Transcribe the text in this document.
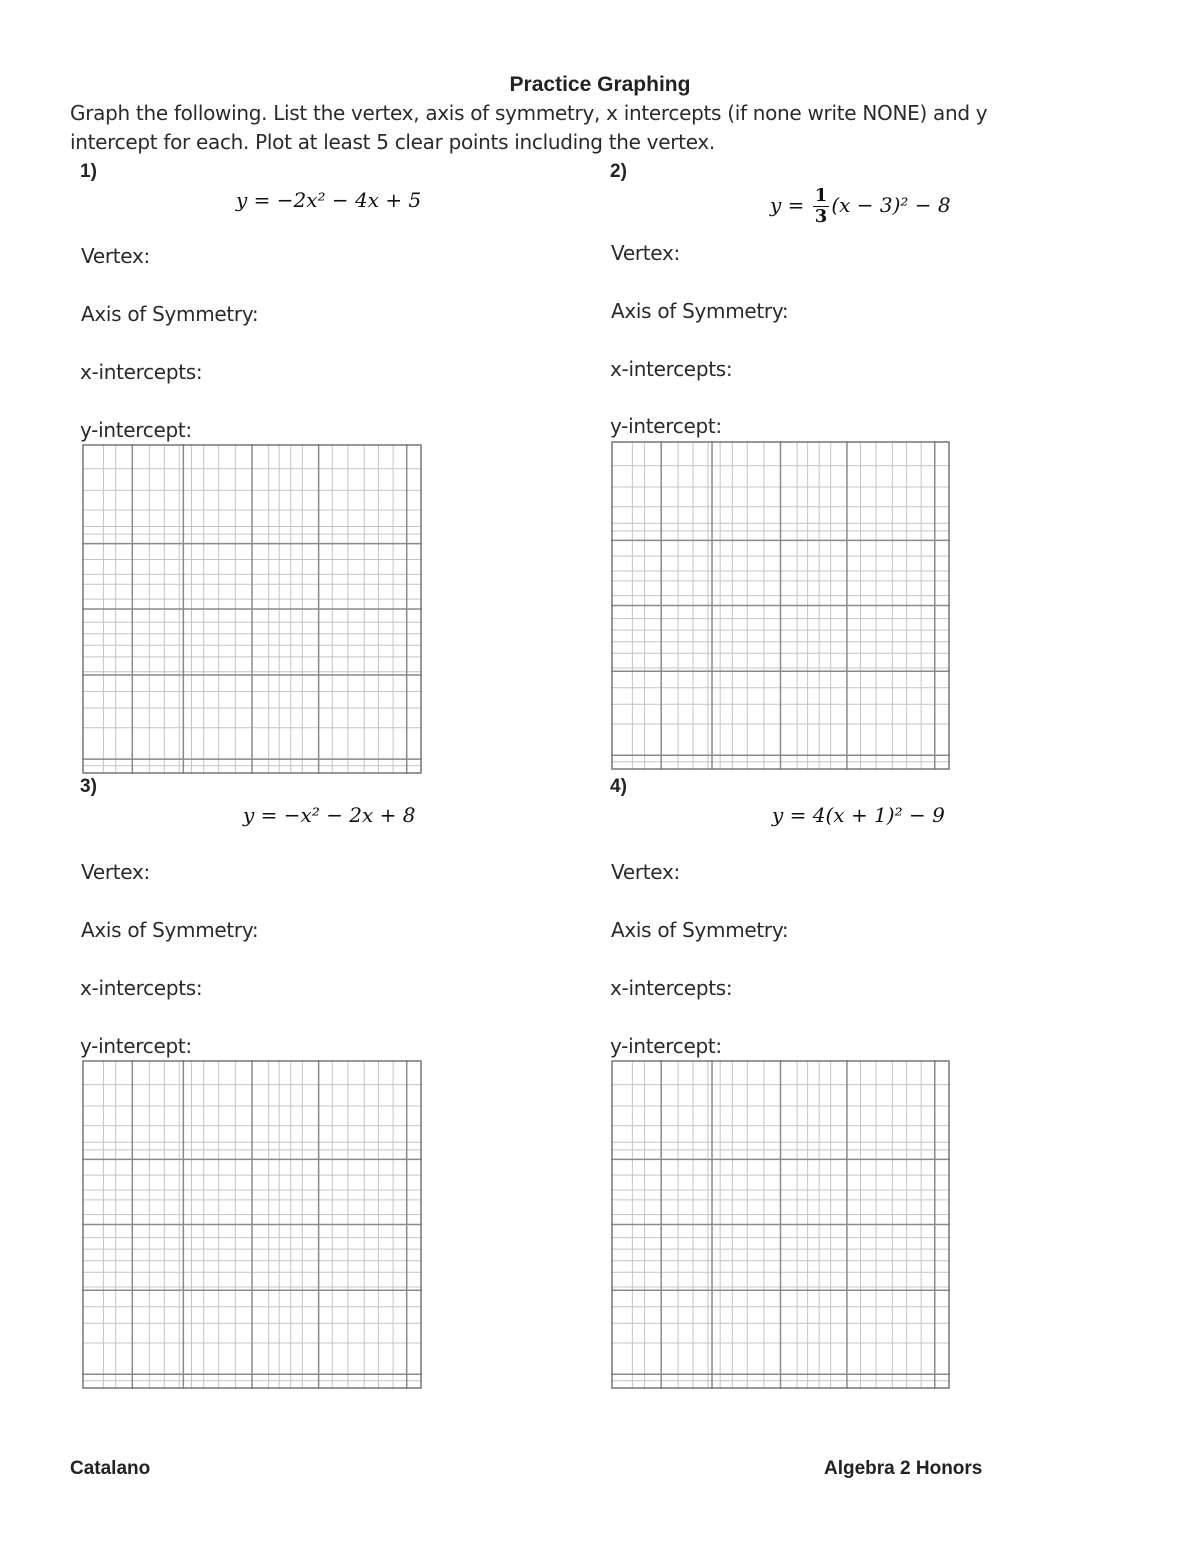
Practice Graphing
Graph the following. List the vertex, axis of symmetry, x intercepts (if none write NONE) and y
intercept for each. Plot at least 5 clear points including the vertex.
1)
y = −2x² − 4x + 5
Vertex:
Axis of Symmetry:
x-intercepts:
y-intercept:
2)
$y = \frac{1}{3} (x - 3)^2 - 8$
Vertex:
Axis of Symmetry:
x-intercepts:
y-intercept:
3)
y = −x² − 2x + 8
Vertex:
Axis of Symmetry:
x-intercepts:
y-intercept:
4)
y = 4(x + 1)² − 9
Vertex:
Axis of Symmetry:
x-intercepts:
y-intercept:
Catalano	Algebra 2 Honors
